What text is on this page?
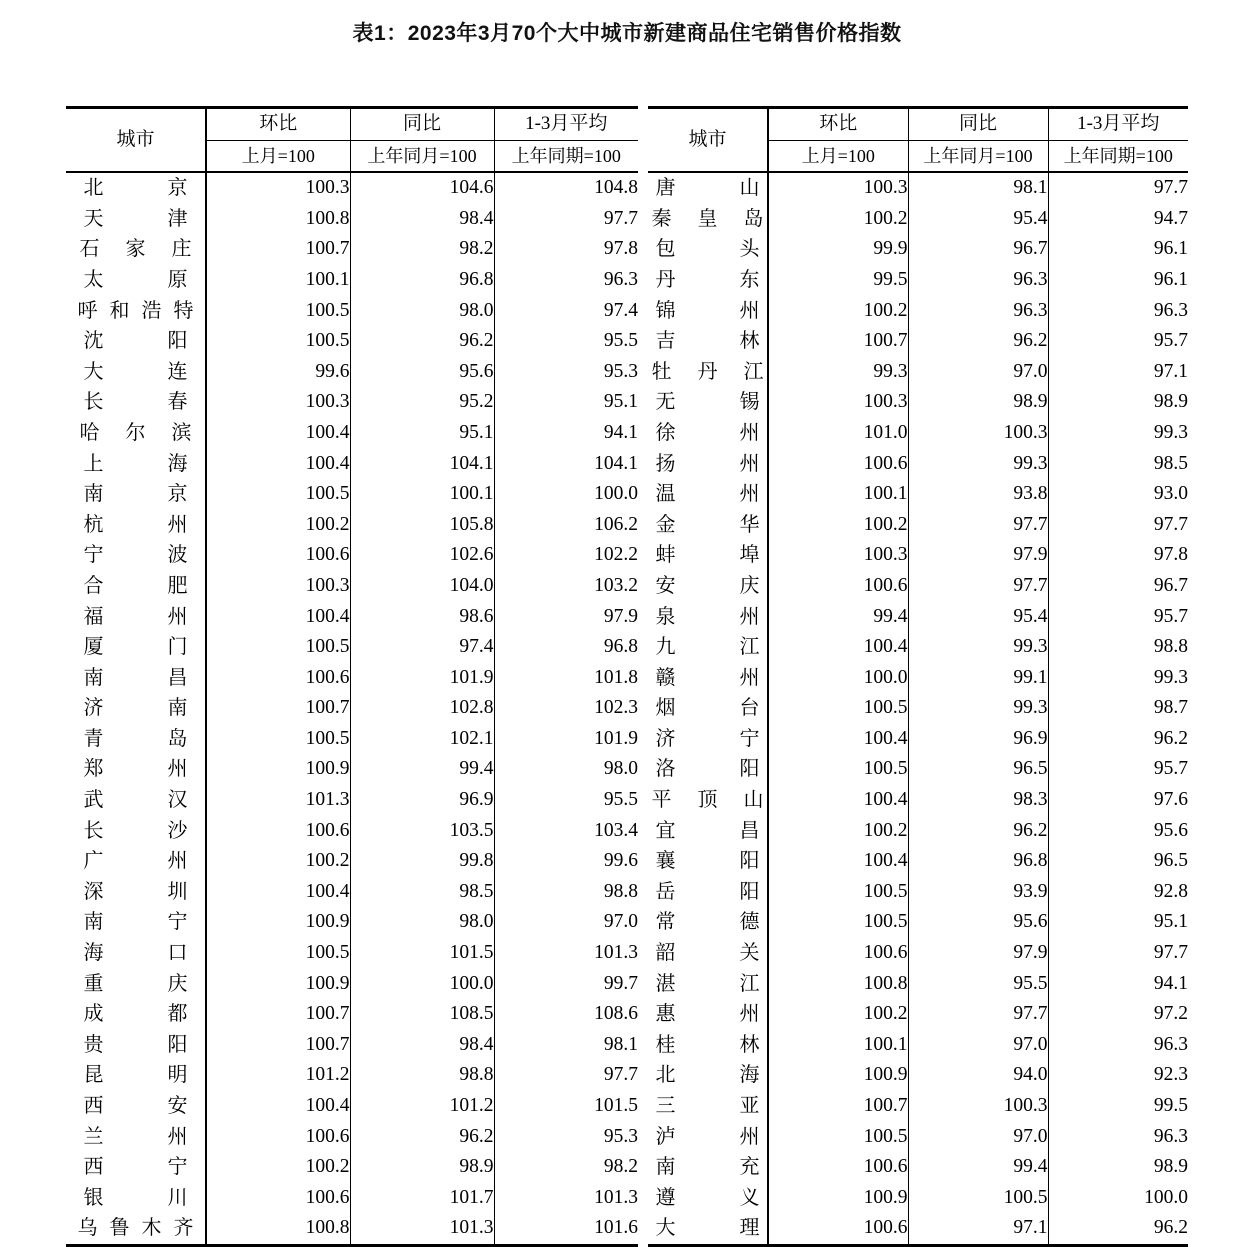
表1：2023年3月70个大中城市新建商品住宅销售价格指数
城市	环比	同比	1-3月平均
	上月=100	上年同月=100	上年同期=100
北京	100.3	104.6	104.8
天津	100.8	98.4	97.7
石家庄	100.7	98.2	97.8
太原	100.1	96.8	96.3
呼和浩特	100.5	98.0	97.4
沈阳	100.5	96.2	95.5
大连	99.6	95.6	95.3
长春	100.3	95.2	95.1
哈尔滨	100.4	95.1	94.1
上海	100.4	104.1	104.1
南京	100.5	100.1	100.0
杭州	100.2	105.8	106.2
宁波	100.6	102.6	102.2
合肥	100.3	104.0	103.2
福州	100.4	98.6	97.9
厦门	100.5	97.4	96.8
南昌	100.6	101.9	101.8
济南	100.7	102.8	102.3
青岛	100.5	102.1	101.9
郑州	100.9	99.4	98.0
武汉	101.3	96.9	95.5
长沙	100.6	103.5	103.4
广州	100.2	99.8	99.6
深圳	100.4	98.5	98.8
南宁	100.9	98.0	97.0
海口	100.5	101.5	101.3
重庆	100.9	100.0	99.7
成都	100.7	108.5	108.6
贵阳	100.7	98.4	98.1
昆明	101.2	98.8	97.7
西安	100.4	101.2	101.5
兰州	100.6	96.2	95.3
西宁	100.2	98.9	98.2
银川	100.6	101.7	101.3
乌鲁木齐	100.8	101.3	101.6
城市	环比	同比	1-3月平均
	上月=100	上年同月=100	上年同期=100
唐山	100.3	98.1	97.7
秦皇岛	100.2	95.4	94.7
包头	99.9	96.7	96.1
丹东	99.5	96.3	96.1
锦州	100.2	96.3	96.3
吉林	100.7	96.2	95.7
牡丹江	99.3	97.0	97.1
无锡	100.3	98.9	98.9
徐州	101.0	100.3	99.3
扬州	100.6	99.3	98.5
温州	100.1	93.8	93.0
金华	100.2	97.7	97.7
蚌埠	100.3	97.9	97.8
安庆	100.6	97.7	96.7
泉州	99.4	95.4	95.7
九江	100.4	99.3	98.8
赣州	100.0	99.1	99.3
烟台	100.5	99.3	98.7
济宁	100.4	96.9	96.2
洛阳	100.5	96.5	95.7
平顶山	100.4	98.3	97.6
宜昌	100.2	96.2	95.6
襄阳	100.4	96.8	96.5
岳阳	100.5	93.9	92.8
常德	100.5	95.6	95.1
韶关	100.6	97.9	97.7
湛江	100.8	95.5	94.1
惠州	100.2	97.7	97.2
桂林	100.1	97.0	96.3
北海	100.9	94.0	92.3
三亚	100.7	100.3	99.5
泸州	100.5	97.0	96.3
南充	100.6	99.4	98.9
遵义	100.9	100.5	100.0
大理	100.6	97.1	96.2
